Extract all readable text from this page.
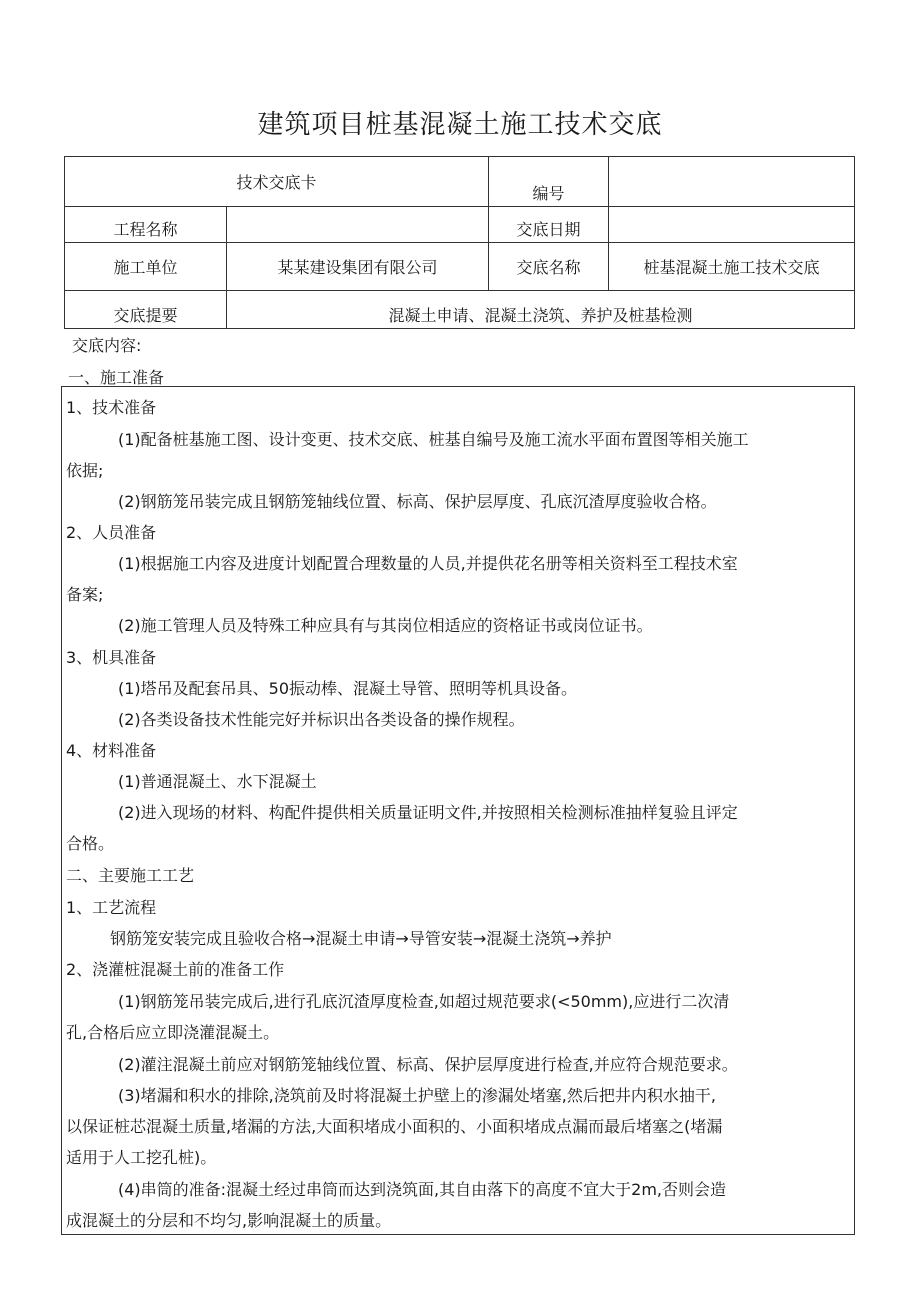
建筑项目桩基混凝土施工技术交底
技术交底卡		编号	
工程名称		交底日期	
施工单位	某某建设集团有限公司	交底名称	桩基混凝土施工技术交底
交底提要	混凝土申请、混凝土浇筑、养护及桩基检测		
交底内容:
一、施工准备
1、技术准备
(1)配备桩基施工图、设计变更、技术交底、桩基自编号及施工流水平面布置图等相关施工
依据;
(2)钢筋笼吊装完成且钢筋笼轴线位置、标高、保护层厚度、孔底沉渣厚度验收合格。
2、人员准备
(1)根据施工内容及进度计划配置合理数量的人员,并提供花名册等相关资料至工程技术室
备案;
(2)施工管理人员及特殊工种应具有与其岗位相适应的资格证书或岗位证书。
3、机具准备
(1)塔吊及配套吊具、50振动棒、混凝土导管、照明等机具设备。
(2)各类设备技术性能完好并标识出各类设备的操作规程。
4、材料准备
(1)普通混凝土、水下混凝土
(2)进入现场的材料、构配件提供相关质量证明文件,并按照相关检测标准抽样复验且评定
合格。
二、主要施工工艺
1、工艺流程
钢筋笼安装完成且验收合格→混凝土申请→导管安装→混凝土浇筑→养护
2、浇灌桩混凝土前的准备工作
(1)钢筋笼吊装完成后,进行孔底沉渣厚度检查,如超过规范要求(<50mm),应进行二次清
孔,合格后应立即浇灌混凝土。
(2)灌注混凝土前应对钢筋笼轴线位置、标高、保护层厚度进行检查,并应符合规范要求。
(3)堵漏和积水的排除,浇筑前及时将混凝土护壁上的渗漏处堵塞,然后把井内积水抽干,
以保证桩芯混凝土质量,堵漏的方法,大面积堵成小面积的、小面积堵成点漏而最后堵塞之(堵漏
适用于人工挖孔桩)。
(4)串筒的准备:混凝土经过串筒而达到浇筑面,其自由落下的高度不宜大于2m,否则会造
成混凝土的分层和不均匀,影响混凝土的质量。
